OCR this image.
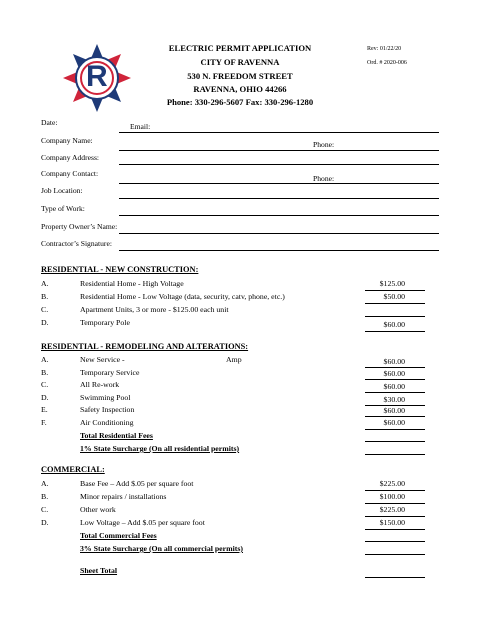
R
ELECTRIC PERMIT APPLICATION
CITY OF RAVENNA
530 N. FREEDOM STREET
RAVENNA, OHIO 44266
Phone: 330-296-5607 Fax: 330-296-1280
Rev: 01/22/20
Ord. # 2020-006
Date:	Email:
Company Name:	Phone:
Company Address:
Company Contact:
Phone:
Job Location:
Type of Work:
Property Owner’s Name:
Contractor’s Signature:
RESIDENTIAL - NEW CONSTRUCTION:
A.	Residential Home - High Voltage	$125.00
B.	Residential Home - Low Voltage (data, security, catv, phone, etc.)	$50.00
C.	Apartment Units, 3 or more - $125.00 each unit
D.	Temporary Pole	$60.00
RESIDENTIAL - REMODELING AND ALTERATIONS:
A.	New Service -	Amp	$60.00
B.	Temporary Service	$60.00
C.	All Re-work	$60.00
D.	Swimming Pool	$30.00
E.	Safety Inspection	$60.00
F.	Air Conditioning	$60.00
Total Residential Fees
1% State Surcharge (On all residential permits)
COMMERCIAL:
A.	Base Fee – Add $.05 per square foot	$225.00
B.	Minor repairs / installations	$100.00
C.	Other work	$225.00
D.	Low Voltage – Add $.05 per square foot	$150.00
Total Commercial Fees
3% State Surcharge (On all commercial permits)
Sheet Total
